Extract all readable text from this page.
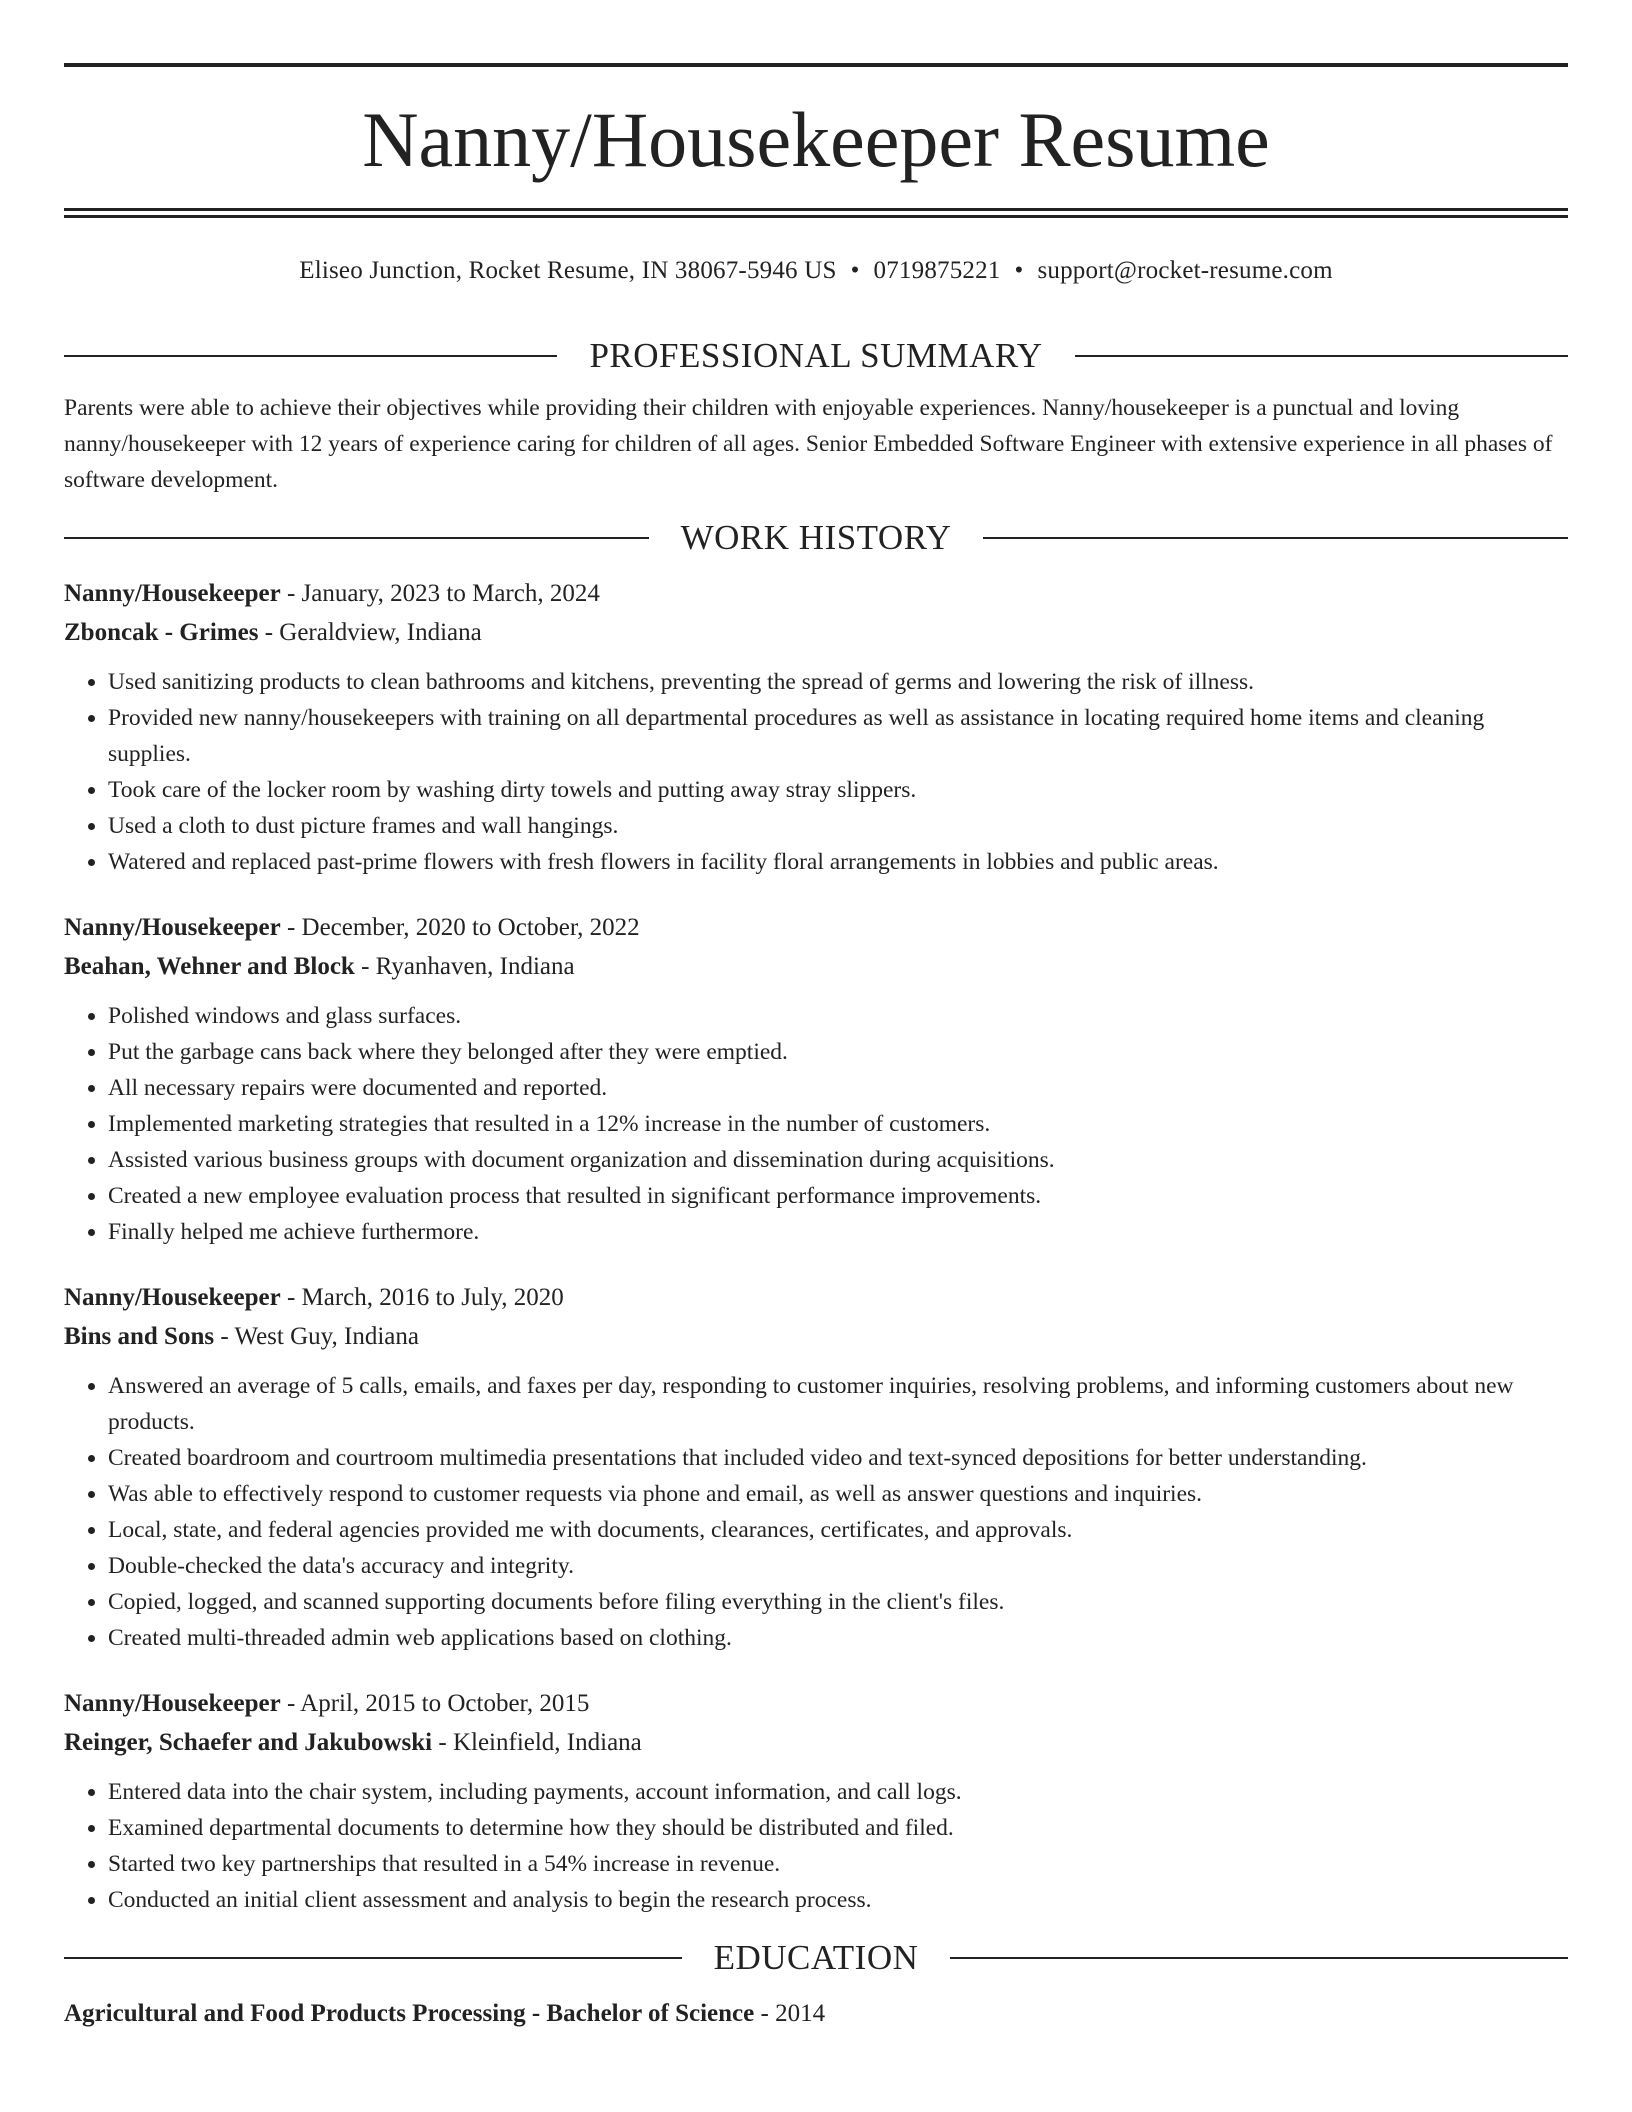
Nanny/Housekeeper Resume
Eliseo Junction, Rocket Resume, IN 38067-5946 US • 0719875221 • support@rocket-resume.com
PROFESSIONAL SUMMARY

Parents were able to achieve their objectives while providing their children with enjoyable experiences. Nanny/housekeeper is a punctual and loving nanny/housekeeper with 12 years of experience caring for children of all ages. Senior Embedded Software Engineer with extensive experience in all phases of software development.

WORK HISTORY
Nanny/Housekeeper - January, 2023 to March, 2024
Zboncak - Grimes - Geraldview, Indiana
• Used sanitizing products to clean bathrooms and kitchens, preventing the spread of germs and lowering the risk of illness.
• Provided new nanny/housekeepers with training on all departmental procedures as well as assistance in locating required home items and cleaning supplies.
• Took care of the locker room by washing dirty towels and putting away stray slippers.
• Used a cloth to dust picture frames and wall hangings.
• Watered and replaced past-prime flowers with fresh flowers in facility floral arrangements in lobbies and public areas.
Nanny/Housekeeper - December, 2020 to October, 2022
Beahan, Wehner and Block - Ryanhaven, Indiana
• Polished windows and glass surfaces.
• Put the garbage cans back where they belonged after they were emptied.
• All necessary repairs were documented and reported.
• Implemented marketing strategies that resulted in a 12% increase in the number of customers.
• Assisted various business groups with document organization and dissemination during acquisitions.
• Created a new employee evaluation process that resulted in significant performance improvements.
• Finally helped me achieve furthermore.
Nanny/Housekeeper - March, 2016 to July, 2020
Bins and Sons - West Guy, Indiana
• Answered an average of 5 calls, emails, and faxes per day, responding to customer inquiries, resolving problems, and informing customers about new products.
• Created boardroom and courtroom multimedia presentations that included video and text-synced depositions for better understanding.
• Was able to effectively respond to customer requests via phone and email, as well as answer questions and inquiries.
• Local, state, and federal agencies provided me with documents, clearances, certificates, and approvals.
• Double-checked the data's accuracy and integrity.
• Copied, logged, and scanned supporting documents before filing everything in the client's files.
• Created multi-threaded admin web applications based on clothing.
Nanny/Housekeeper - April, 2015 to October, 2015
Reinger, Schaefer and Jakubowski - Kleinfield, Indiana
• Entered data into the chair system, including payments, account information, and call logs.
• Examined departmental documents to determine how they should be distributed and filed.
• Started two key partnerships that resulted in a 54% increase in revenue.
• Conducted an initial client assessment and analysis to begin the research process.
EDUCATION
Agricultural and Food Products Processing - Bachelor of Science - 2014
